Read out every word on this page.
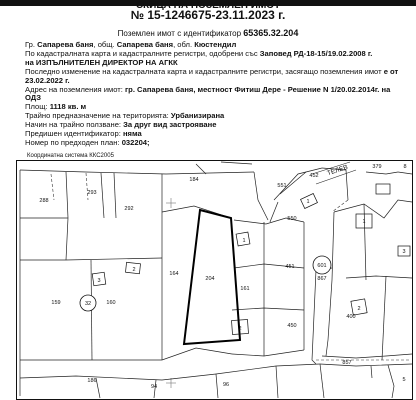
СКИЦА НА ПОЗЕМЛЕН ИМОТ
№ 15-1246675-23.11.2023 г.
Поземлен имот с идентификатор 65365.32.204
Гр. Сапарева баня, общ. Сапарева баня, обл. Кюстендил
По кадастралната карта и кадастралните регистри, одобрени със Заповед РД-18-15/19.02.2008 г.
на ИЗПЪЛНИТЕЛЕН ДИРЕКТОР НА АГКК
Последно изменение на кадастралната карта и кадастралните регистри, засягащо поземления имот е от
23.02.2022 г.
Адрес на поземления имот: гр. Сапарева баня, местност Фитиш Дере - Решение N 1/20.02.2014г. на
ОДЗ
Площ: 1118 кв. м
Трайно предназначение на територията: Урбанизирана
Начин на трайно ползване: За друг вид застрояване
Предишен идентификатор: няма
Номер по предходен план: 032204;
Координатна система ККС2005
288
293
292
159	160
164
184
204
551
550
452
451
161
450
186
94	96
867
400
857
379	8
5
2
1
2
3
1
2
3
1
32
601
ТЕЛЕВ
